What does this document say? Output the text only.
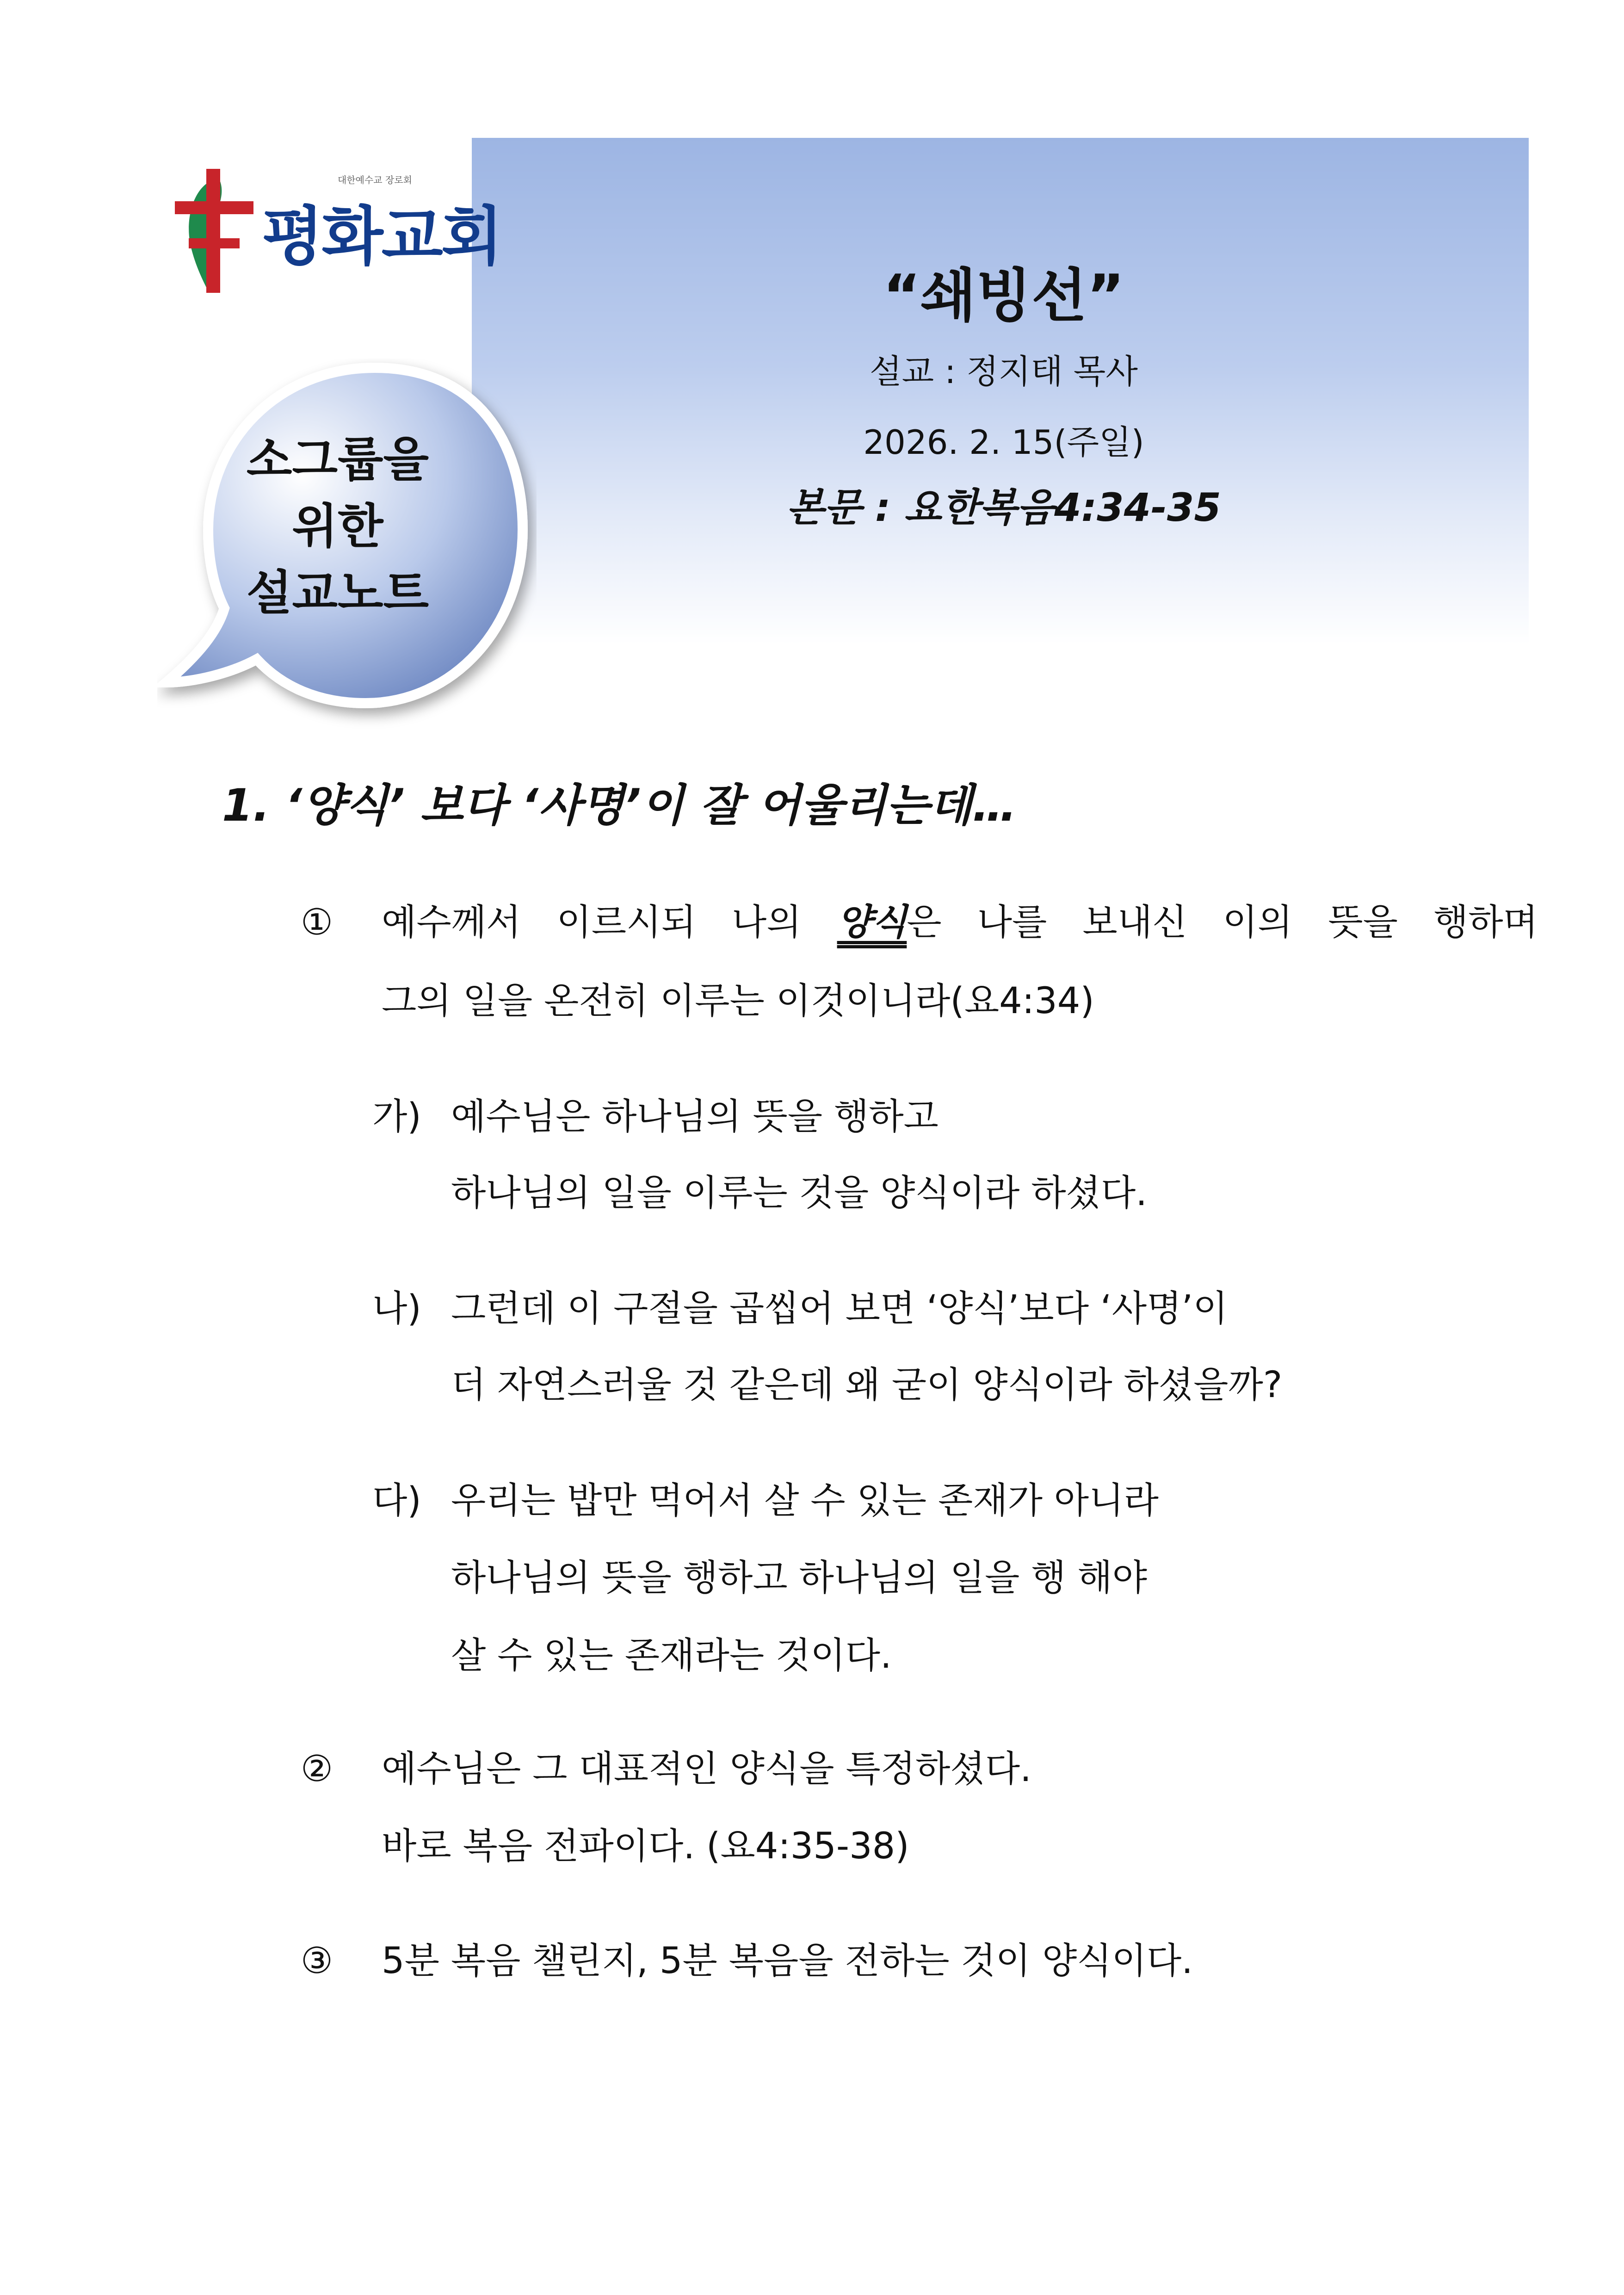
대한예수교 장로회
평화교회
소그룹을
위한
설교노트
“쇄빙선”
설교 : 정지태 목사
2026. 2. 15(주일)
본문 : 요한복음4:34-35
1. ‘양식’ 보다 ‘사명’이 잘 어울리는데…
① 예수께서 이르시되 나의 양식은 나를 보내신 이의 뜻을 행하며
그의 일을 온전히 이루는 이것이니라(요4:34)
가) 예수님은 하나님의 뜻을 행하고
하나님의 일을 이루는 것을 양식이라 하셨다.
나) 그런데 이 구절을 곱씹어 보면 ‘양식’보다 ‘사명’이
더 자연스러울 것 같은데 왜 굳이 양식이라 하셨을까?
다) 우리는 밥만 먹어서 살 수 있는 존재가 아니라
하나님의 뜻을 행하고 하나님의 일을 행 해야
살 수 있는 존재라는 것이다.
② 예수님은 그 대표적인 양식을 특정하셨다.
바로 복음 전파이다. (요4:35-38)
③ 5분 복음 챌린지, 5분 복음을 전하는 것이 양식이다.
